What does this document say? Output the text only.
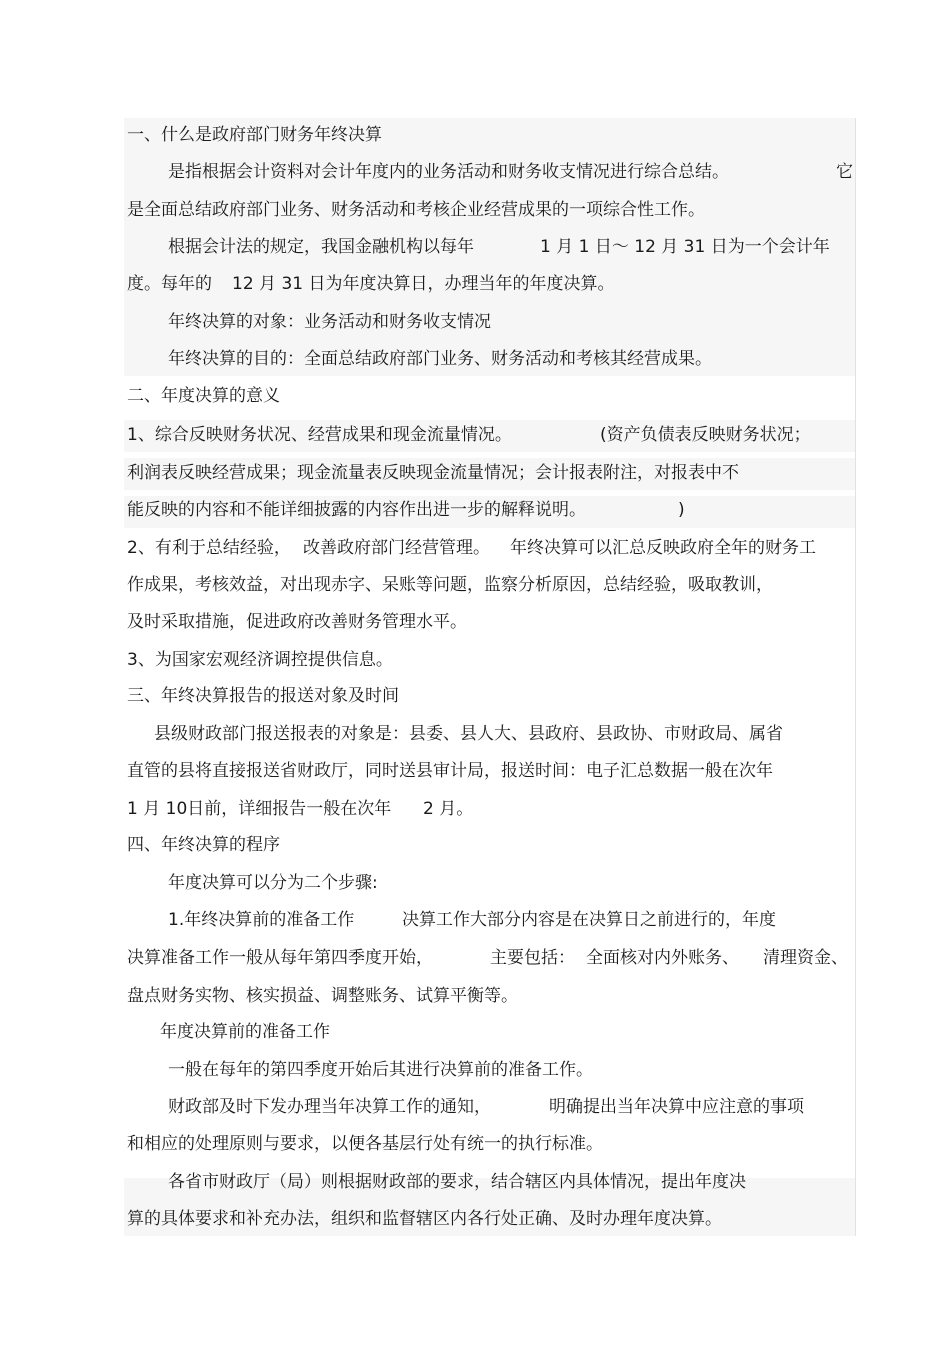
一、什么是政府部门财务年终决算
是指根据会计资料对会计年度内的业务活动和财务收支情况进行综合总结。	它
是全面总结政府部门业务、财务活动和考核企业经营成果的一项综合性工作。
根据会计法的规定，我国金融机构以每年	1 月 1 日～ 12 月 31 日为一个会计年
度。每年的 12 月 31 日为年度决算日，办理当年的年度决算。
年终决算的对象：业务活动和财务收支情况
年终决算的目的：全面总结政府部门业务、财务活动和考核其经营成果。
二、年度决算的意义
1、综合反映财务状况、经营成果和现金流量情况。	(资产负债表反映财务状况；
利润表反映经营成果；现金流量表反映现金流量情况；会计报表附注，对报表中不
能反映的内容和不能详细披露的内容作出进一步的解释说明。	)
2、有利于总结经验， 改善政府部门经营管理。 年终决算可以汇总反映政府全年的财务工
作成果，考核效益，对出现赤字、呆账等问题，监察分析原因，总结经验，吸取教训，
及时采取措施，促进政府改善财务管理水平。
3、为国家宏观经济调控提供信息。
三、年终决算报告的报送对象及时间
县级财政部门报送报表的对象是：县委、县人大、县政府、县政协、市财政局、属省
直管的县将直接报送省财政厅，同时送县审计局，报送时间：电子汇总数据一般在次年
1 月 10日前，详细报告一般在次年 2 月。
四、年终决算的程序
年度决算可以分为二个步骤:
1.年终决算前的准备工作	决算工作大部分内容是在决算日之前进行的，年度
决算准备工作一般从每年第四季度开始，	主要包括： 全面核对内外账务、 清理资金、
盘点财务实物、核实损益、调整账务、试算平衡等。
年度决算前的准备工作
一般在每年的第四季度开始后其进行决算前的准备工作。
财政部及时下发办理当年决算工作的通知，	明确提出当年决算中应注意的事项
和相应的处理原则与要求，以便各基层行处有统一的执行标准。
各省市财政厅（局）则根据财政部的要求，结合辖区内具体情况，提出年度决
算的具体要求和补充办法，组织和监督辖区内各行处正确、及时办理年度决算。
